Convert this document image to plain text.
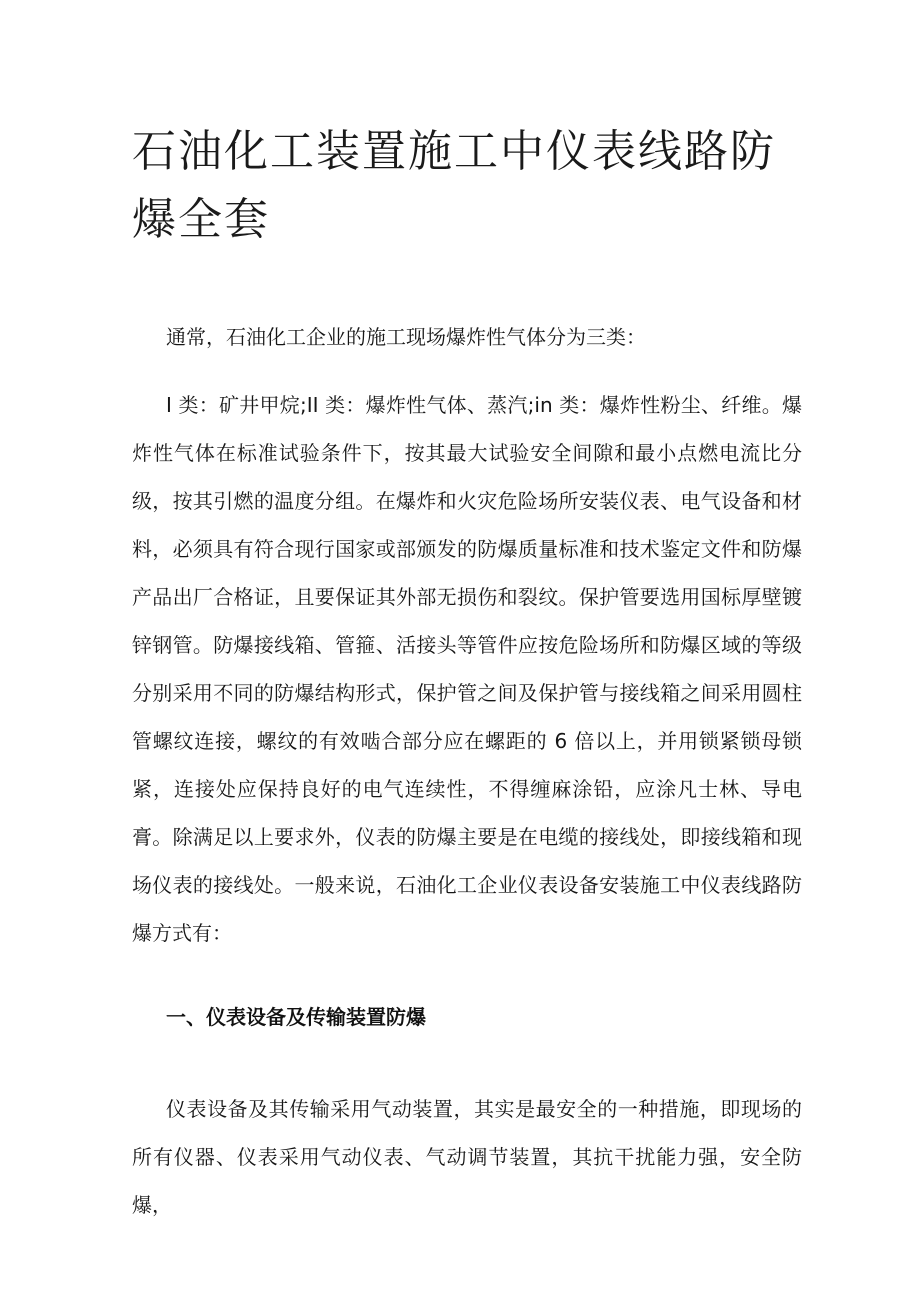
石油化工装置施工中仪表线路防爆全套

通常，石油化工企业的施工现场爆炸性气体分为三类：

I 类：矿井甲烷;II 类：爆炸性气体、蒸汽;in 类：爆炸性粉尘、纤维。爆炸性气体在标准试验条件下，按其最大试验安全间隙和最小点燃电流比分级，按其引燃的温度分组。在爆炸和火灾危险场所安装仪表、电气设备和材料，必须具有符合现行国家或部颁发的防爆质量标准和技术鉴定文件和防爆产品出厂合格证，且要保证其外部无损伤和裂纹。保护管要选用国标厚壁镀锌钢管。防爆接线箱、管箍、活接头等管件应按危险场所和防爆区域的等级分别采用不同的防爆结构形式，保护管之间及保护管与接线箱之间采用圆柱管螺纹连接，螺纹的有效啮合部分应在螺距的 6 倍以上，并用锁紧锁母锁紧，连接处应保持良好的电气连续性，不得缠麻涂铅，应涂凡士林、导电膏。除满足以上要求外，仪表的防爆主要是在电缆的接线处，即接线箱和现场仪表的接线处。一般来说，石油化工企业仪表设备安装施工中仪表线路防爆方式有：

一、仪表设备及传输装置防爆

仪表设备及其传输采用气动装置，其实是最安全的一种措施，即现场的所有仪器、仪表采用气动仪表、气动调节装置，其抗干扰能力强，安全防爆，
